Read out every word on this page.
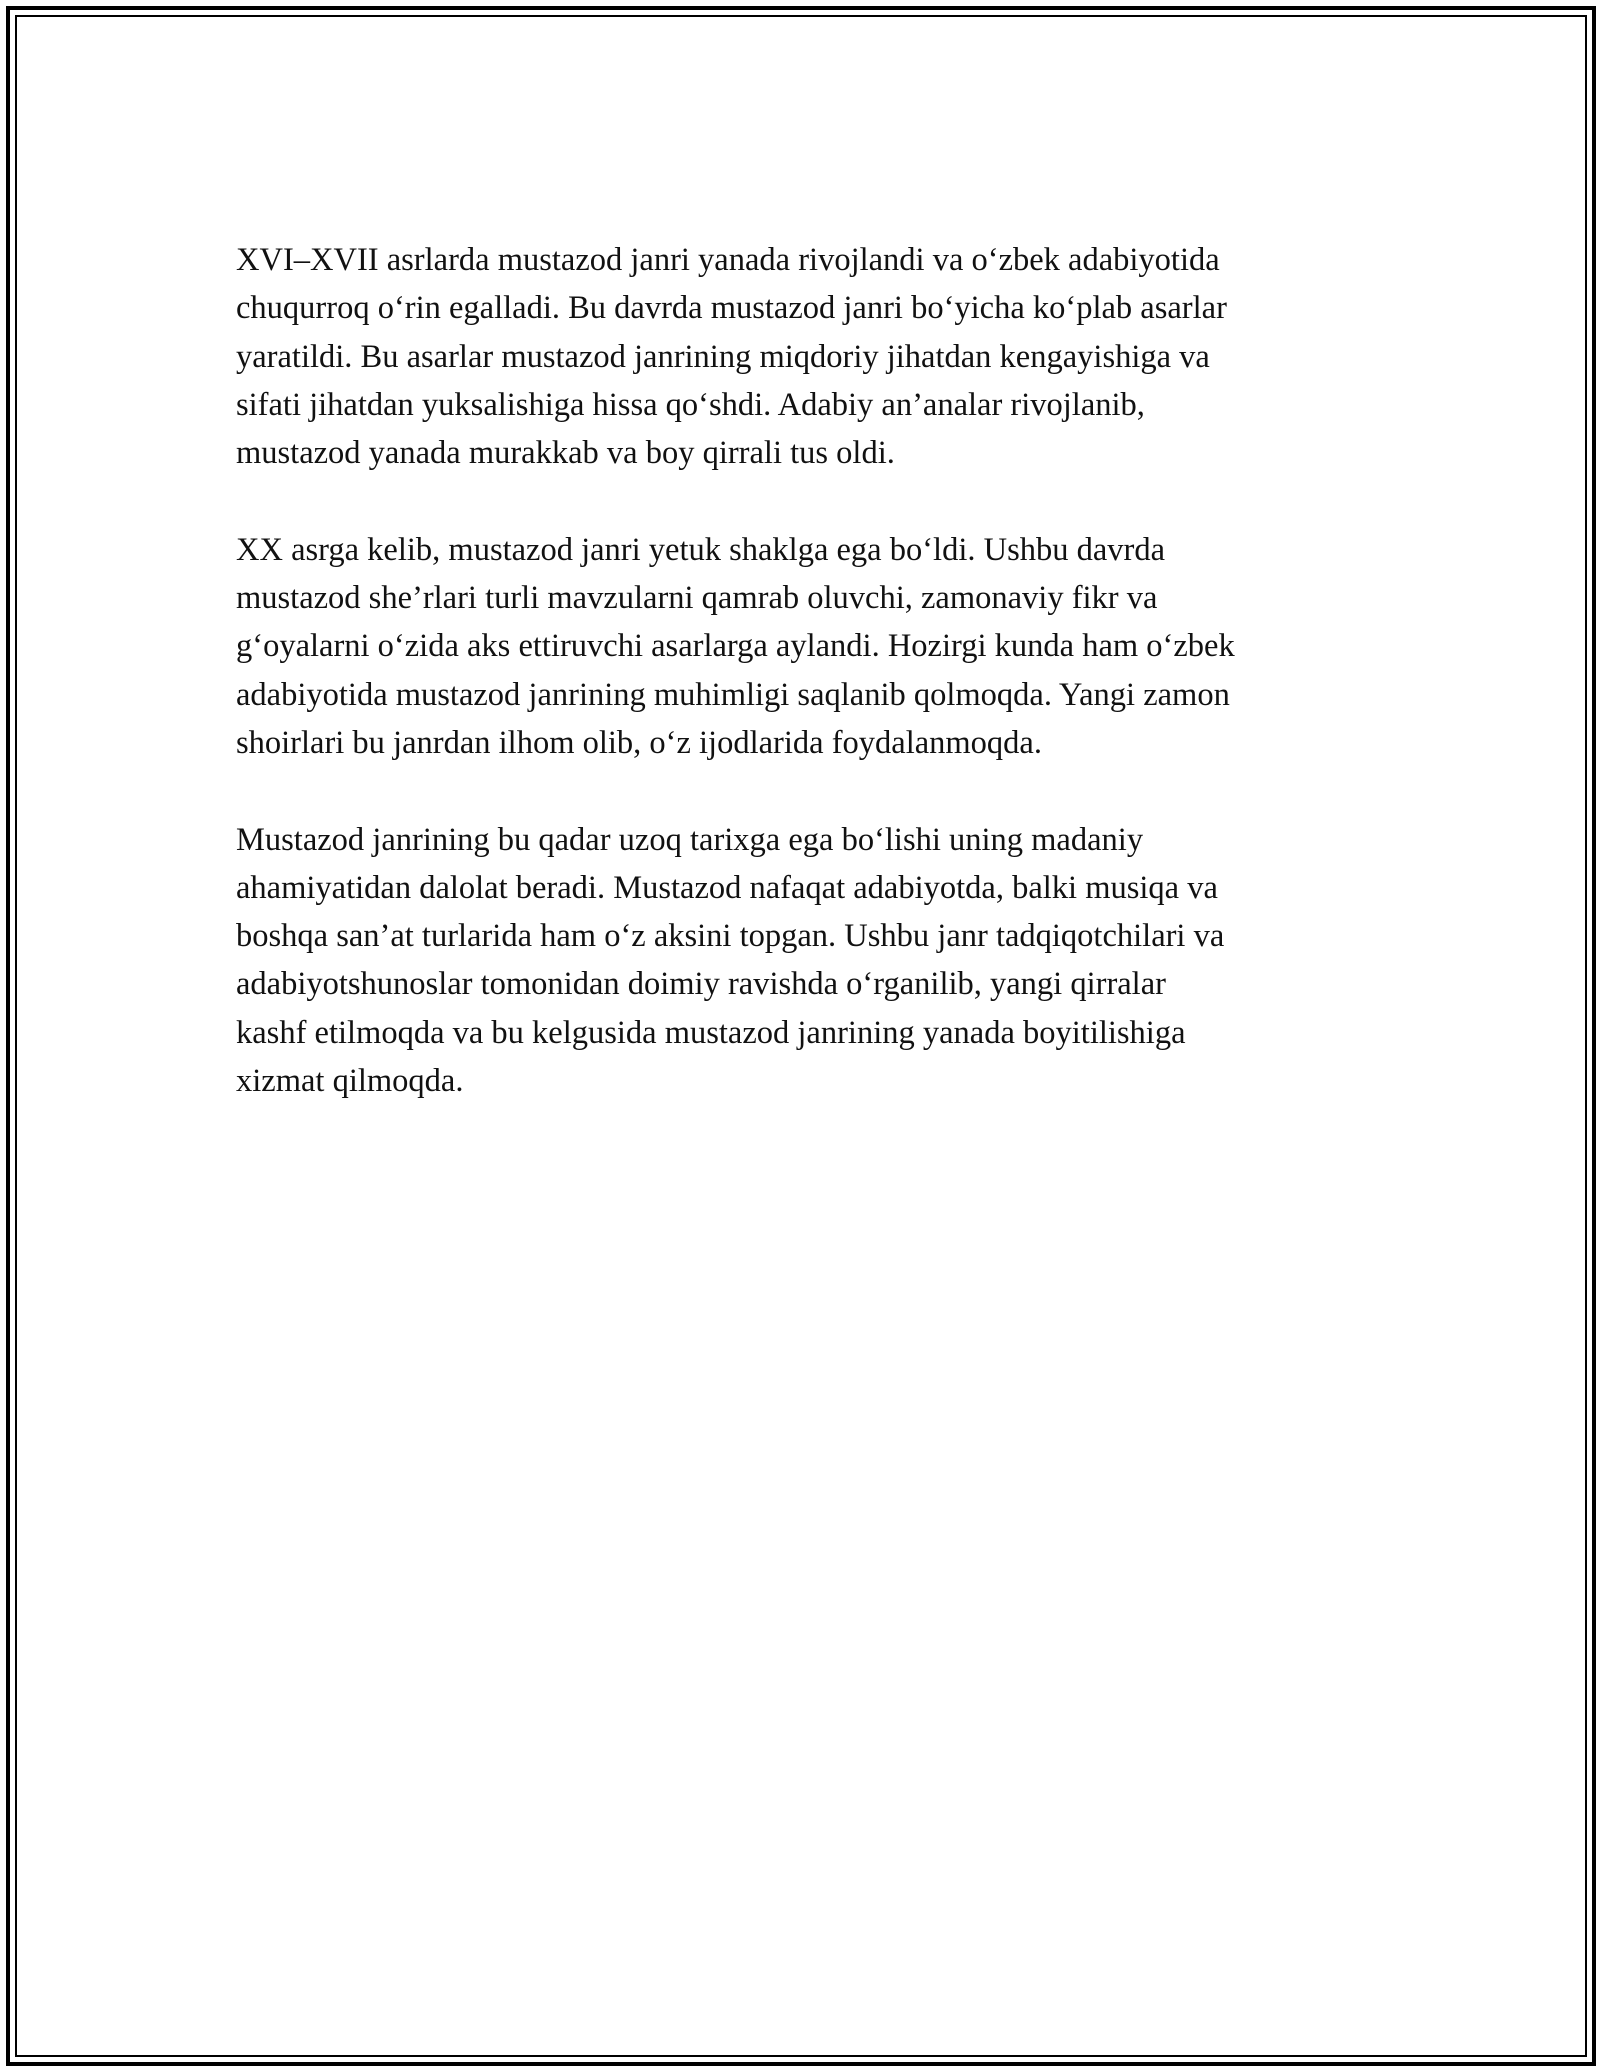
XVI–XVII asrlarda mustazod janri yanada rivojlandi va o‘zbek adabiyotida
chuqurroq o‘rin egalladi. Bu davrda mustazod janri bo‘yicha ko‘plab asarlar
yaratildi. Bu asarlar mustazod janrining miqdoriy jihatdan kengayishiga va
sifati jihatdan yuksalishiga hissa qo‘shdi. Adabiy an’analar rivojlanib,
mustazod yanada murakkab va boy qirrali tus oldi.

XX asrga kelib, mustazod janri yetuk shaklga ega bo‘ldi. Ushbu davrda
mustazod she’rlari turli mavzularni qamrab oluvchi, zamonaviy fikr va
g‘oyalarni o‘zida aks ettiruvchi asarlarga aylandi. Hozirgi kunda ham o‘zbek
adabiyotida mustazod janrining muhimligi saqlanib qolmoqda. Yangi zamon
shoirlari bu janrdan ilhom olib, o‘z ijodlarida foydalanmoqda.

Mustazod janrining bu qadar uzoq tarixga ega bo‘lishi uning madaniy
ahamiyatidan dalolat beradi. Mustazod nafaqat adabiyotda, balki musiqa va
boshqa san’at turlarida ham o‘z aksini topgan. Ushbu janr tadqiqotchilari va
adabiyotshunoslar tomonidan doimiy ravishda o‘rganilib, yangi qirralar
kashf etilmoqda va bu kelgusida mustazod janrining yanada boyitilishiga
xizmat qilmoqda.
